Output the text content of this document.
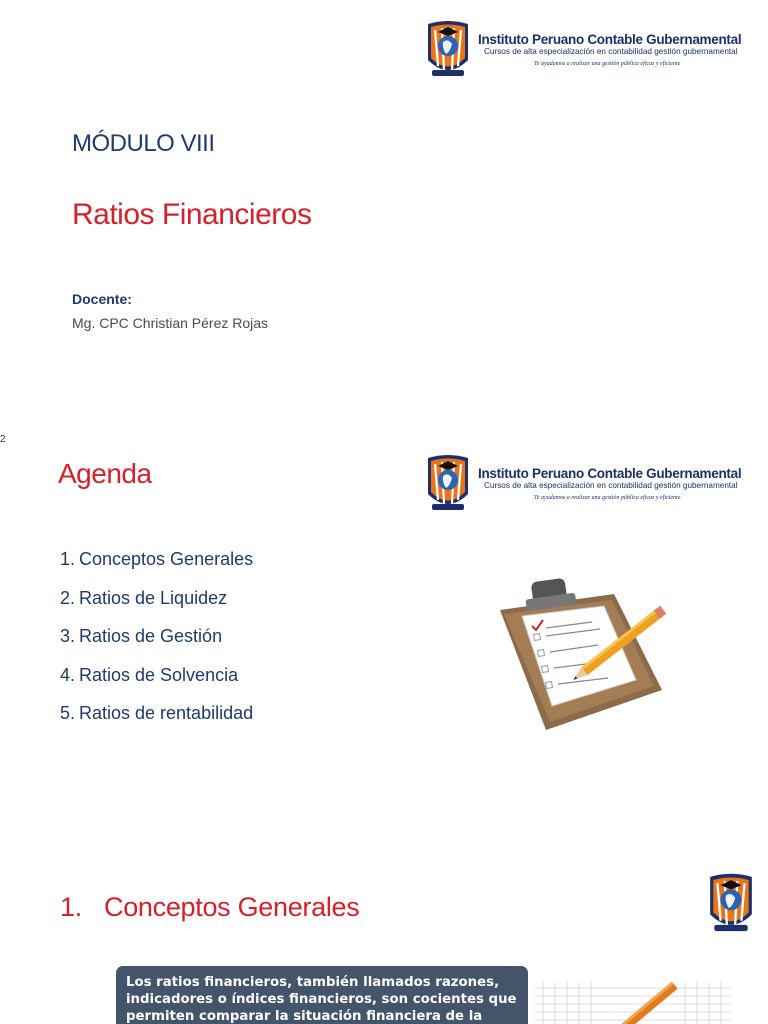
Instituto Peruano Contable Gubernamental
Cursos de alta especialización en contabilidad gestión gubernamental
Te ayudamos a realizar una gestión pública eficaz y eficiente
MÓDULO VIII
Ratios Financieros
Docente:
Mg. CPC Christian Pérez Rojas
2
Agenda	Instituto Peruano Contable Gubernamental
Cursos de alta especialización en contabilidad gestión gubernamental
Te ayudamos a realizar una gestión pública eficaz y eficiente
1. Conceptos Generales
2. Ratios de Liquidez
3. Ratios de Gestión
4. Ratios de Solvencia
5. Ratios de rentabilidad
1. Conceptos Generales
Los ratios financieros, también llamados razones, indicadores o índices financieros, son cocientes que permiten comparar la situación financiera de la
